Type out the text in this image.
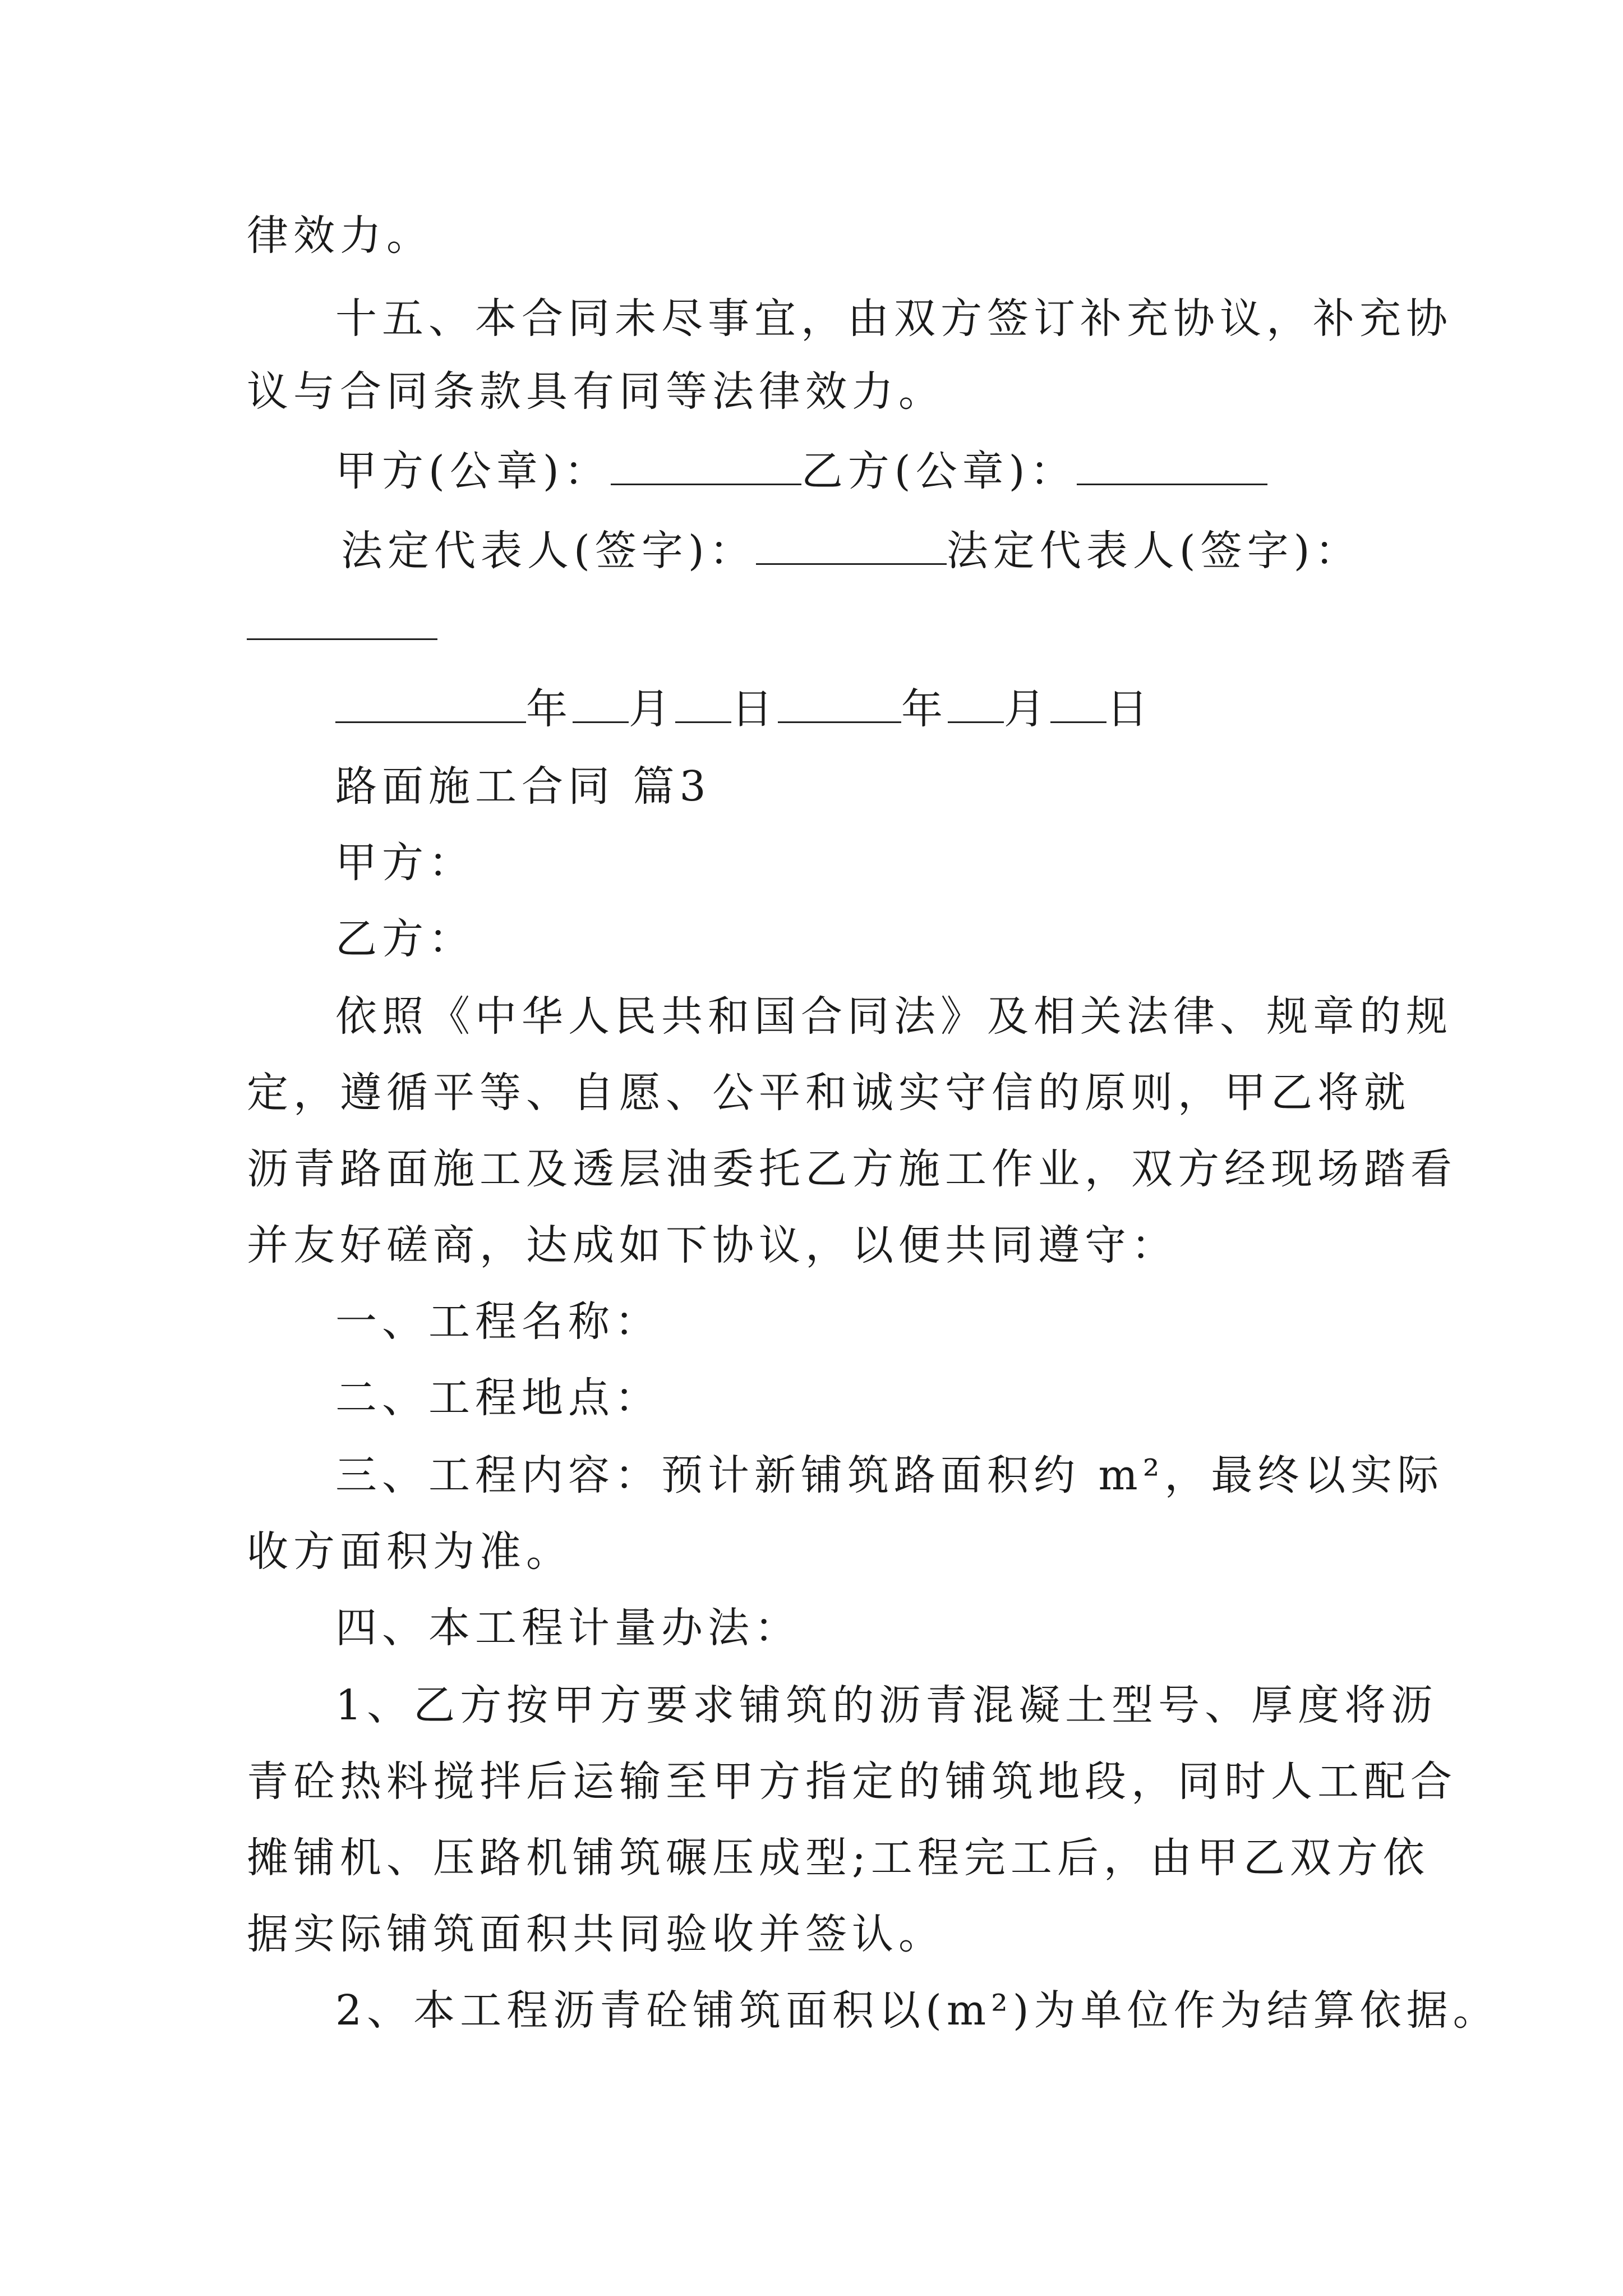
律效力。

十五、本合同未尽事宜，由双方签订补充协议，补充协

议与合同条款具有同等法律效力。

甲方(公章)：	乙方(公章)：

法定代表人(签字)：	法定代表人(签字)：

年 月 日	年 月 日

路面施工合同 篇3

甲方：

乙方：

依照《中华人民共和国合同法》及相关法律、规章的规

定，遵循平等、自愿、公平和诚实守信的原则，甲乙将就

沥青路面施工及透层油委托乙方施工作业，双方经现场踏看

并友好磋商，达成如下协议，以便共同遵守：

一、工程名称：

二、工程地点：

三、工程内容：预计新铺筑路面积约 m²，最终以实际

收方面积为准。

四、本工程计量办法：

1、乙方按甲方要求铺筑的沥青混凝土型号、厚度将沥

青砼热料搅拌后运输至甲方指定的铺筑地段，同时人工配合

摊铺机、压路机铺筑碾压成型;工程完工后，由甲乙双方依

据实际铺筑面积共同验收并签认。

2、本工程沥青砼铺筑面积以(m²)为单位作为结算依据。
